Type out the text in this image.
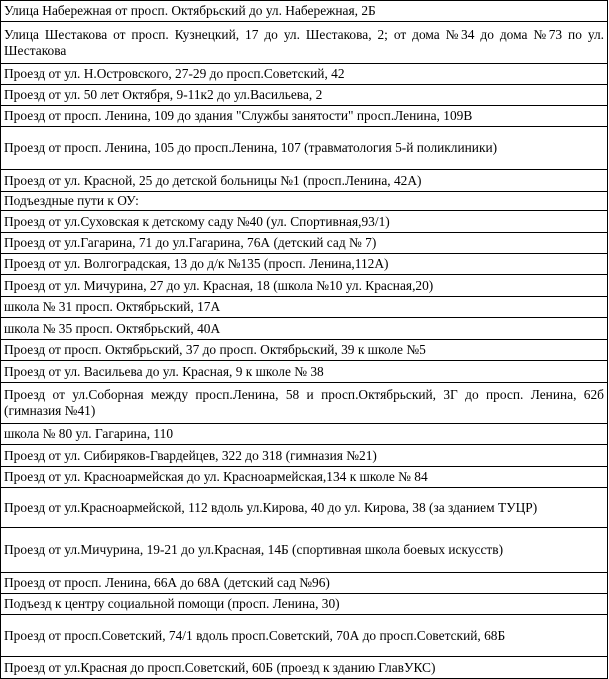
Улица Набережная от просп. Октябрьский до ул. Набережная, 2Б
Улица Шестакова от просп. Кузнецкий, 17 до ул. Шестакова, 2; от дома №34 до дома №73 по ул. Шестакова
Проезд от ул. Н.Островского, 27-29 до просп.Советский, 42
Проезд от ул. 50 лет Октября, 9-11к2 до ул.Васильева, 2
Проезд от просп. Ленина, 109 до здания "Службы занятости" просп.Ленина, 109В
Проезд от просп. Ленина, 105 до просп.Ленина, 107 (травматология 5-й поликлиники)
Проезд от ул. Красной, 25 до детской больницы №1 (просп.Ленина, 42А)
Подъездные пути к ОУ:
Проезд от ул.Суховская к детскому саду №40 (ул. Спортивная,93/1)
Проезд от ул.Гагарина, 71 до ул.Гагарина, 76А (детский сад № 7)
Проезд от ул. Волгоградская, 13 до д/к №135 (просп. Ленина,112А)
Проезд от ул. Мичурина, 27 до ул. Красная, 18 (школа №10 ул. Красная,20)
школа № 31 просп. Октябрьский, 17А
школа № 35 просп. Октябрьский, 40А
Проезд от просп. Октябрьский, 37 до просп. Октябрьский, 39 к школе №5
Проезд от ул. Васильева до ул. Красная, 9 к школе № 38
Проезд от ул.Соборная между просп.Ленина, 58 и просп.Октябрьский, 3Г до просп. Ленина, 62б (гимназия №41)
школа № 80 ул. Гагарина, 110
Проезд от ул. Сибиряков-Гвардейцев, 322 до 318 (гимназия №21)
Проезд от ул. Красноармейская до ул. Красноармейская,134 к школе № 84
Проезд от ул.Красноармейской, 112 вдоль ул.Кирова, 40 до ул. Кирова, 38 (за зданием ТУЦР)
Проезд от ул.Мичурина, 19-21 до ул.Красная, 14Б (спортивная школа боевых искусств)
Проезд от просп. Ленина, 66А до 68А (детский сад №96)
Подъезд к центру социальной помощи (просп. Ленина, 30)
Проезд от просп.Советский, 74/1 вдоль просп.Советский, 70А до просп.Советский, 68Б
Проезд от ул.Красная до просп.Советский, 60Б (проезд к зданию ГлавУКС)
